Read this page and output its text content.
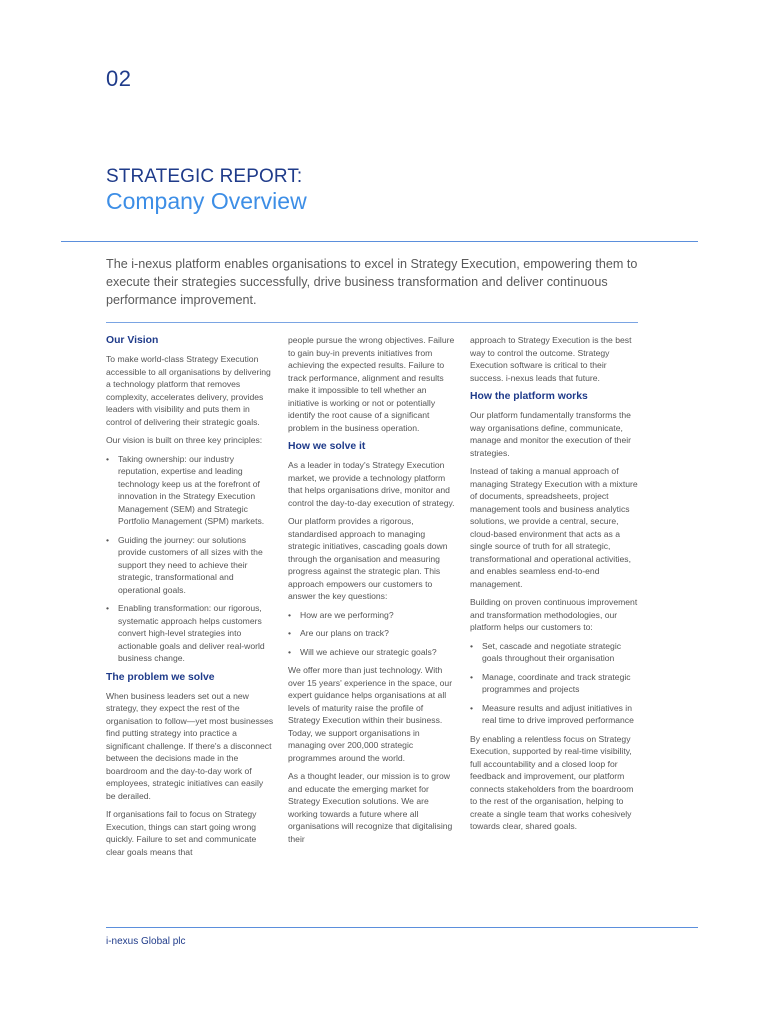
02
STRATEGIC REPORT:
Company Overview
The i-nexus platform enables organisations to excel in Strategy Execution, empowering them to execute their strategies successfully, drive business transformation and deliver continuous performance improvement.
Our Vision

To make world-class Strategy Execution accessible to all organisations by delivering a technology platform that removes complexity, accelerates delivery, provides leaders with visibility and puts them in control of delivering their strategic goals.

Our vision is built on three key principles:

• Taking ownership: our industry reputation, expertise and leading technology keep us at the forefront of innovation in the Strategy Execution Management (SEM) and Strategic Portfolio Management (SPM) markets.
• Guiding the journey: our solutions provide customers of all sizes with the support they need to achieve their strategic, transformational and operational goals.
• Enabling transformation: our rigorous, systematic approach helps customers convert high-level strategies into actionable goals and deliver real-world business change.
The problem we solve

When business leaders set out a new strategy, they expect the rest of the organisation to follow—yet most businesses find putting strategy into practice a significant challenge. If there's a disconnect between the decisions made in the boardroom and the day-to-day work of employees, strategic initiatives can easily be derailed.

If organisations fail to focus on Strategy Execution, things can start going wrong quickly. Failure to set and communicate clear goals means that

people pursue the wrong objectives. Failure to gain buy-in prevents initiatives from achieving the expected results. Failure to track performance, alignment and results make it impossible to tell whether an initiative is working or not or potentially identify the root cause of a significant problem in the business operation.

How we solve it

As a leader in today's Strategy Execution market, we provide a technology platform that helps organisations drive, monitor and control the day-to-day execution of strategy.

Our platform provides a rigorous, standardised approach to managing strategic initiatives, cascading goals down through the organisation and measuring progress against the strategic plan. This approach empowers our customers to answer the key questions:

• How are we performing?
• Are our plans on track?
• Will we achieve our strategic goals?

We offer more than just technology. With over 15 years' experience in the space, our expert guidance helps organisations at all levels of maturity raise the profile of Strategy Execution within their business. Today, we support organisations in managing over 200,000 strategic programmes around the world.

As a thought leader, our mission is to grow and educate the emerging market for Strategy Execution solutions. We are working towards a future where all organisations will recognize that digitalising their

approach to Strategy Execution is the best way to control the outcome. Strategy Execution software is critical to their success. i-nexus leads that future.

How the platform works

Our platform fundamentally transforms the way organisations define, communicate, manage and monitor the execution of their strategies.

Instead of taking a manual approach of managing Strategy Execution with a mixture of documents, spreadsheets, project management tools and business analytics solutions, we provide a central, secure, cloud-based environment that acts as a single source of truth for all strategic, transformational and operational activities, and enables seamless end-to-end management.

Building on proven continuous improvement and transformation methodologies, our platform helps our customers to:

• Set, cascade and negotiate strategic goals throughout their organisation
• Manage, coordinate and track strategic programmes and projects
• Measure results and adjust initiatives in real time to drive improved performance

By enabling a relentless focus on Strategy Execution, supported by real-time visibility, full accountability and a closed loop for feedback and improvement, our platform connects stakeholders from the boardroom to the rest of the organisation, helping to create a single team that works cohesively towards clear, shared goals.

i-nexus Global plc
